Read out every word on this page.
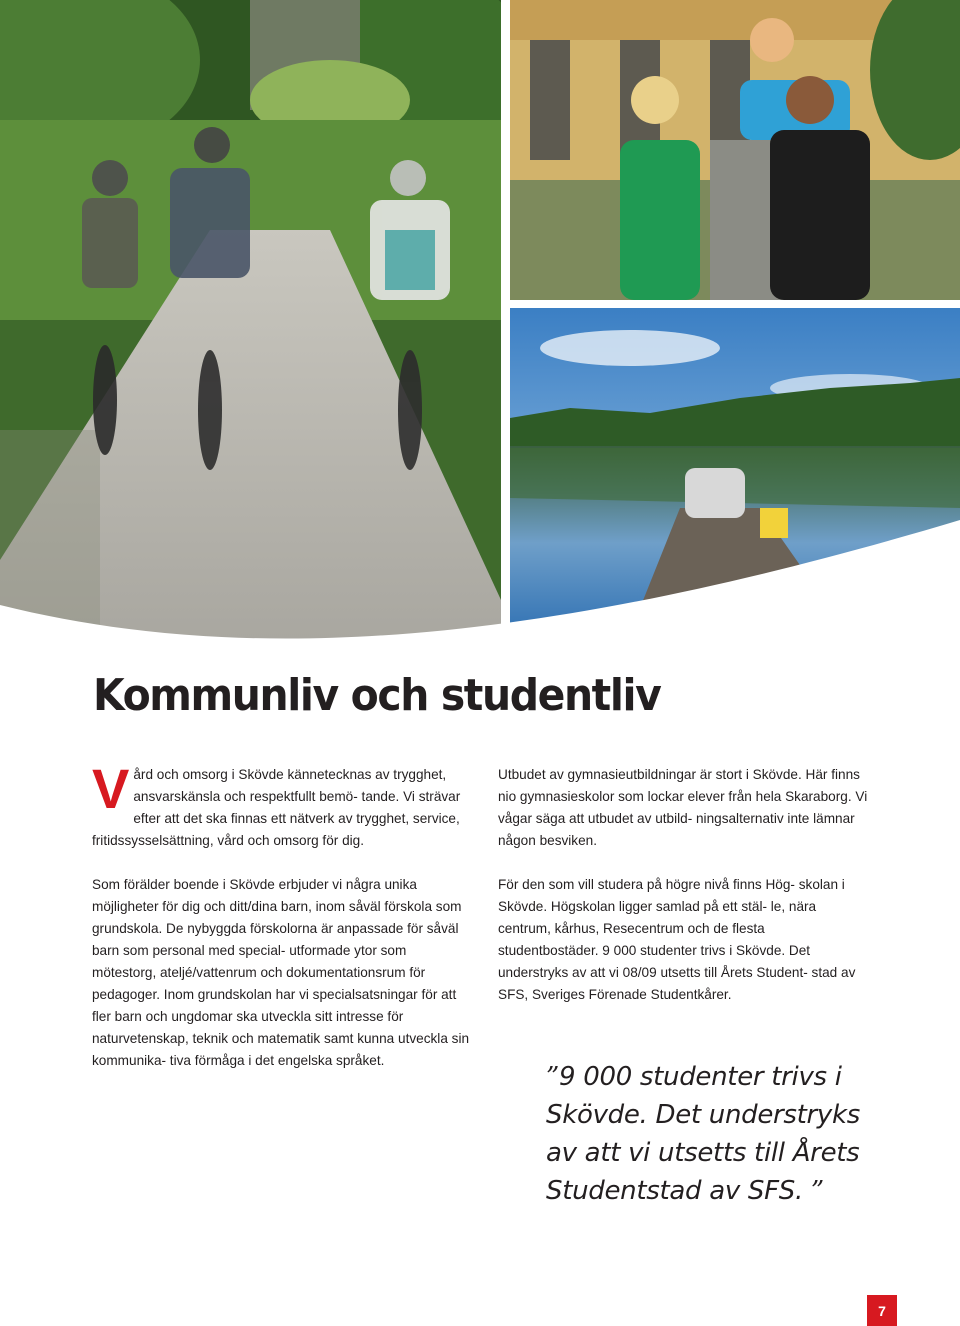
Kommunliv och studentliv

Vård och omsorg i Skövde kännetecknas av trygghet, ansvarskänsla och respektfullt bemö- tande. Vi strävar efter att det ska finnas ett nätverk av trygghet, service, fritidssysselsättning, vård och omsorg för dig.

Som förälder boende i Skövde erbjuder vi några unika möjligheter för dig och ditt/dina barn, inom såväl förskola som grundskola. De nybyggda förskolorna är anpassade för såväl barn som personal med special- utformade ytor som mötestorg, ateljé/vattenrum och dokumentationsrum för pedagoger. Inom grundskolan har vi specialsatsningar för att fler barn och ungdomar ska utveckla sitt intresse för naturvetenskap, teknik och matematik samt kunna utveckla sin kommunika- tiva förmåga i det engelska språket.

Utbudet av gymnasieutbildningar är stort i Skövde. Här finns nio gymnasieskolor som lockar elever från hela Skaraborg. Vi vågar säga att utbudet av utbild- ningsalternativ inte lämnar någon besviken.

För den som vill studera på högre nivå finns Hög- skolan i Skövde. Högskolan ligger samlad på ett stäl- le, nära centrum, kårhus, Resecentrum och de flesta studentbostäder. 9 000 studenter trivs i Skövde. Det understryks av att vi 08/09 utsetts till Årets Student- stad av SFS, Sveriges Förenade Studentkårer.

”9 000 studenter trivs i Skövde. Det understryks av att vi utsetts till Årets Studentstad av SFS. ”
7
